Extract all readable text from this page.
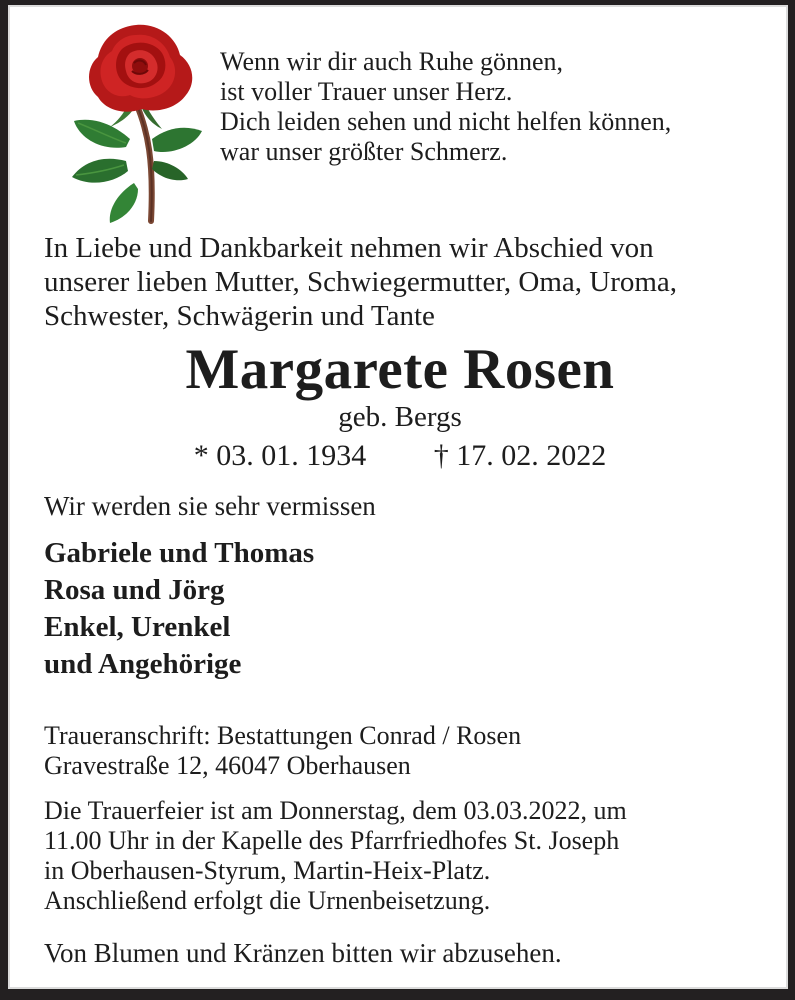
Wenn wir dir auch Ruhe gönnen,
ist voller Trauer unser Herz.
Dich leiden sehen und nicht helfen können,
war unser größter Schmerz.
In Liebe und Dankbarkeit nehmen wir Abschied von
unserer lieben Mutter, Schwiegermutter, Oma, Uroma,
Schwester, Schwägerin und Tante
Margarete Rosen
geb. Bergs
* 03. 01. 1934 † 17. 02. 2022
Wir werden sie sehr vermissen
Gabriele und Thomas
Rosa und Jörg
Enkel, Urenkel
und Angehörige
Traueranschrift: Bestattungen Conrad / Rosen
Gravestraße 12, 46047 Oberhausen
Die Trauerfeier ist am Donnerstag, dem 03.03.2022, um
11.00 Uhr in der Kapelle des Pfarrfriedhofes St. Joseph
in Oberhausen-Styrum, Martin-Heix-Platz.
Anschließend erfolgt die Urnenbeisetzung.
Von Blumen und Kränzen bitten wir abzusehen.
